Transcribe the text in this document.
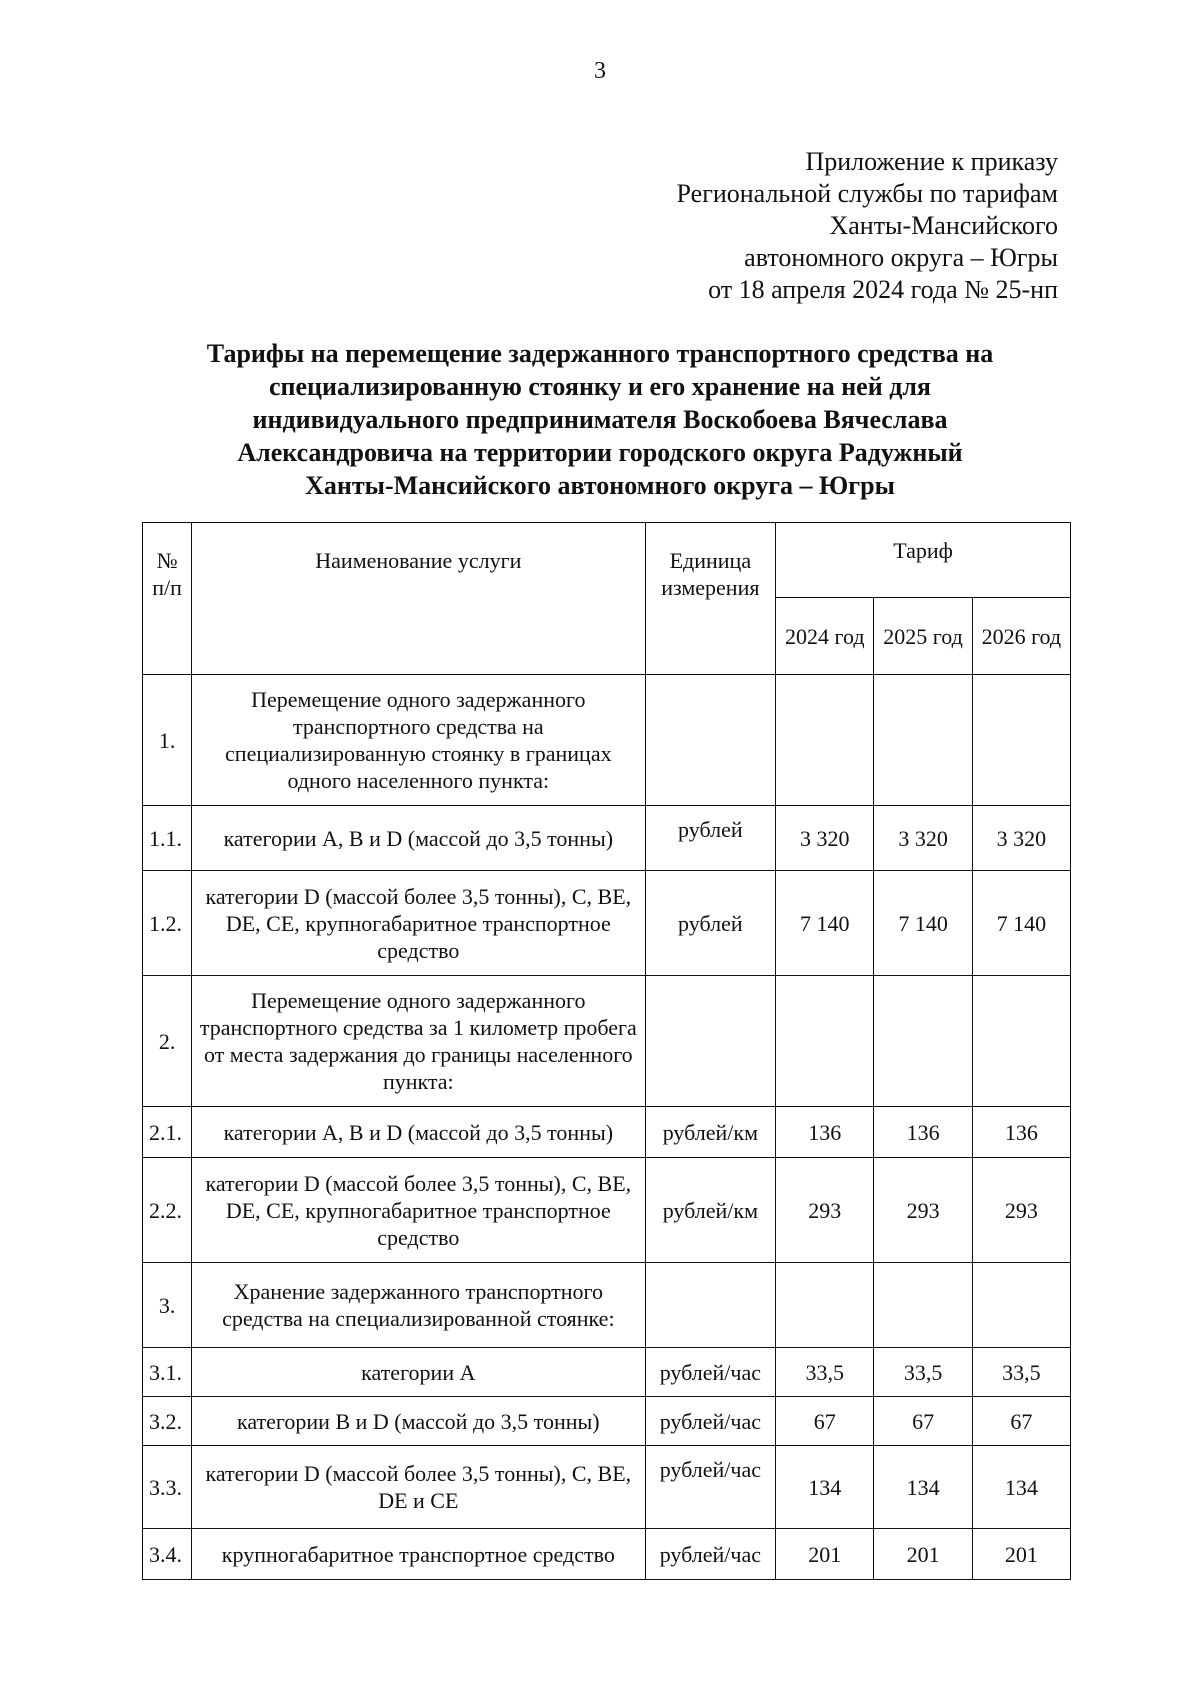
3
Приложение к приказу
Региональной службы по тарифам
Ханты-Мансийского
автономного округа – Югры
от 18 апреля 2024 года № 25-нп
Тарифы на перемещение задержанного транспортного средства на
специализированную стоянку и его хранение на ней для
индивидуального предпринимателя Воскобоева Вячеслава
Александровича на территории городского округа Радужный
Ханты-Мансийского автономного округа – Югры
№ п/п	Наименование услуги	Единица измерения	Тариф		
			2024 год	2025 год	2026 год
1.	Перемещение одного задержанного транспортного средства на специализированную стоянку в границах одного населенного пункта:				
1.1.	категории А, В и D (массой до 3,5 тонны)	рублей	3 320	3 320	3 320
1.2.	категории D (массой более 3,5 тонны), С, ВЕ, DE, СЕ, крупногабаритное транспортное средство	рублей	7 140	7 140	7 140
2.	Перемещение одного задержанного транспортного средства за 1 километр пробега от места задержания до границы населенного пункта:				
2.1.	категории А, В и D (массой до 3,5 тонны)	рублей/км	136	136	136
2.2.	категории D (массой более 3,5 тонны), С, ВЕ, DE, СЕ, крупногабаритное транспортное средство	рублей/км	293	293	293
3.	Хранение задержанного транспортного средства на специализированной стоянке:				
3.1.	категории А	рублей/час	33,5	33,5	33,5
3.2.	категории В и D (массой до 3,5 тонны)	рублей/час	67	67	67
3.3.	категории D (массой более 3,5 тонны), С, ВЕ, DE и СЕ	рублей/час	134	134	134
3.4.	крупногабаритное транспортное средство	рублей/час	201	201	201
